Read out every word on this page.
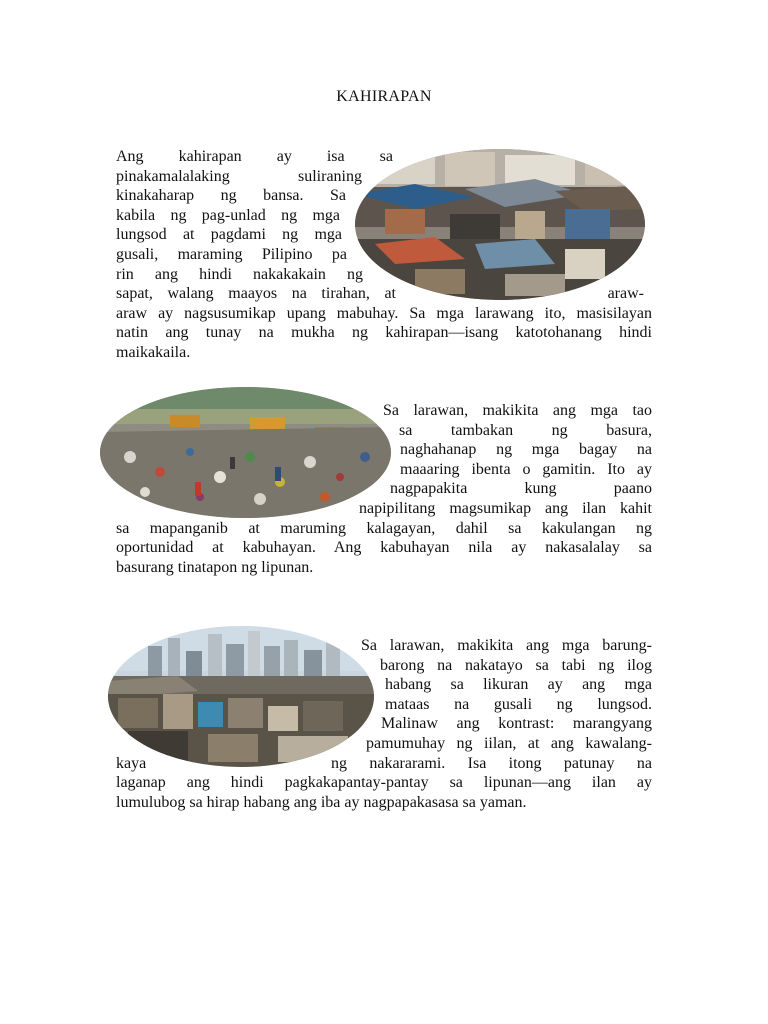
KAHIRAPAN
Ang kahirapan ay isa sa
pinakamalalaking suliraning
kinakaharap ng bansa. Sa
kabila ng pag-unlad ng mga
lungsod at pagdami ng mga
gusali, maraming Pilipino pa
rin ang hindi nakakakain ng
sapat, walang maayos na tirahan, at	araw-
araw ay nagsusumikap upang mabuhay. Sa mga larawang ito, masisilayan
natin ang tunay na mukha ng kahirapan—isang katotohanang hindi
maikakaila.
Sa larawan, makikita ang mga tao
sa tambakan ng basura,
naghahanap ng mga bagay na
maaaring ibenta o gamitin. Ito ay
nagpapakita kung paano
napipilitang magsumikap ang ilan kahit
sa mapanganib at maruming kalagayan, dahil sa kakulangan ng
oportunidad at kabuhayan. Ang kabuhayan nila ay nakasalalay sa
basurang tinatapon ng lipunan.
Sa larawan, makikita ang mga barung-
barong na nakatayo sa tabi ng ilog
habang sa likuran ay ang mga
mataas na gusali ng lungsod.
Malinaw ang kontrast: marangyang
pamumuhay ng iilan, at ang kawalang-
kaya	ng nakararami. Isa itong patunay na
laganap ang hindi pagkakapantay-pantay sa lipunan—ang ilan ay
lumulubog sa hirap habang ang iba ay nagpapakasasa sa yaman.
